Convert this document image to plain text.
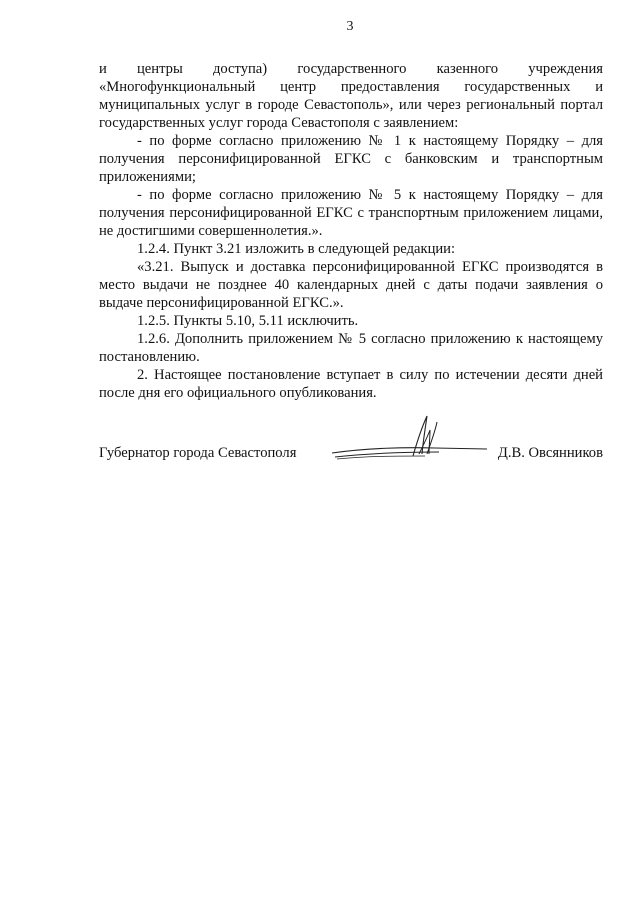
3

и центры доступа) государственного казенного учреждения «Многофункциональный центр предоставления государственных и муниципальных услуг в городе Севастополь», или через региональный портал государственных услуг города Севастополя с заявлением:

- по форме согласно приложению № 1 к настоящему Порядку – для получения персонифицированной ЕГКС с банковским и транспортным приложениями;

- по форме согласно приложению № 5 к настоящему Порядку – для получения персонифицированной ЕГКС с транспортным приложением лицами, не достигшими совершеннолетия.».

1.2.4. Пункт 3.21 изложить в следующей редакции:

«3.21. Выпуск и доставка персонифицированной ЕГКС производятся в место выдачи не позднее 40 календарных дней с даты подачи заявления о выдаче персонифицированной ЕГКС.».

1.2.5. Пункты 5.10, 5.11 исключить.

1.2.6. Дополнить приложением № 5 согласно приложению к настоящему постановлению.

2. Настоящее постановление вступает в силу по истечении десяти дней после дня его официального опубликования.

Губернатор города Севастополя	Д.В. Овсянников
